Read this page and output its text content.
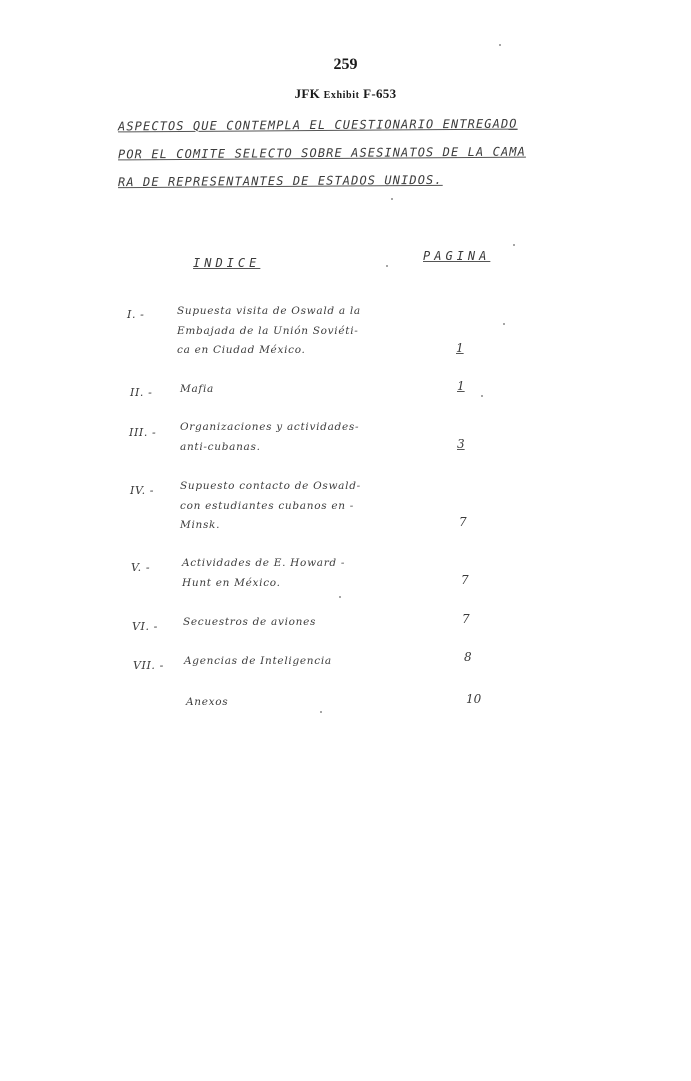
259
JFK Exhibit F-653
ASPECTOS QUE CONTEMPLA EL CUESTIONARIO ENTREGADO
POR EL COMITE SELECTO SOBRE ASESINATOS DE LA CAMA
RA DE REPRESENTANTES DE ESTADOS UNIDOS.
INDICE	PAGINA
I. -	Supuesta visita de Oswald a la
Embajada de la Unión Soviéti-
ca en Ciudad México.	1
II. -	Mafia	1
III. - Organizaciones y actividades-
anti-cubanas.	3
IV. - Supuesto contacto de Oswald-
con estudiantes cubanos en -
Minsk.	7
V. -	Actividades de E. Howard -
Hunt en México.	7
VI. - Secuestros de aviones	7
VII. - Agencias de Inteligencia	8
Anexos	10
